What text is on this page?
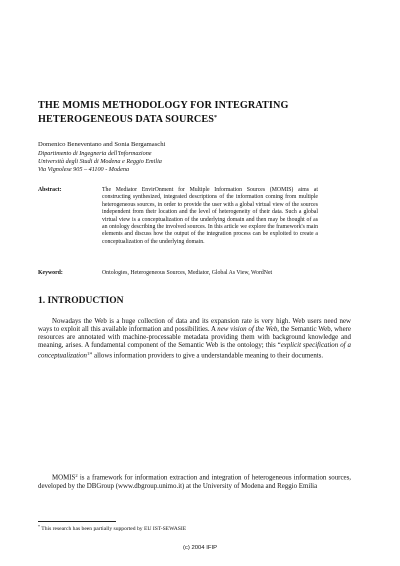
THE MOMIS METHODOLOGY FOR INTEGRATING
HETEROGENEOUS DATA SOURCES*
Domenico Beneventano and Sonia Bergamaschi
Dipartimento di Ingegneria dell'Informazione
Università degli Studi di Modena e Reggio Emilia
Via Vignolese 905 – 41100 - Modena
Abstract:	The Mediator EnvirOnment for Multiple Information Sources (MOMIS) aims at constructing synthesized, integrated descriptions of the information coming from multiple heterogeneous sources, in order to provide the user with a global virtual view of the sources independent from their location and the level of heterogeneity of their data. Such a global virtual view is a conceptualization of the underlying domain and then may be thought of as an ontology describing the involved sources. In this article we explore the framework's main elements and discuss how the output of the integration process can be exploited to create a conceptualization of the underlying domain.
Keyword:	Ontologies, Heterogeneous Sources, Mediator, Global As View, WordNet
1. INTRODUCTION

Nowadays the Web is a huge collection of data and its expansion rate is very high. Web users need new ways to exploit all this available information and possibilities. A new vision of the Web, the Semantic Web, where resources are annotated with machine-processable metadata providing them with background knowledge and meaning, arises. A fundamental component of the Semantic Web is the ontology; this “explicit specification of a conceptualization$^1$” allows information providers to give a understandable meaning to their documents.

MOMIS$^2$ is a framework for information extraction and integration of heterogeneous information sources, developed by the DBGroup (www.dbgroup.unimo.it) at the University of Modena and Reggio Emilia

* This research has been partially supported by EU IST-SEWASIE
(c) 2004 IFIP
